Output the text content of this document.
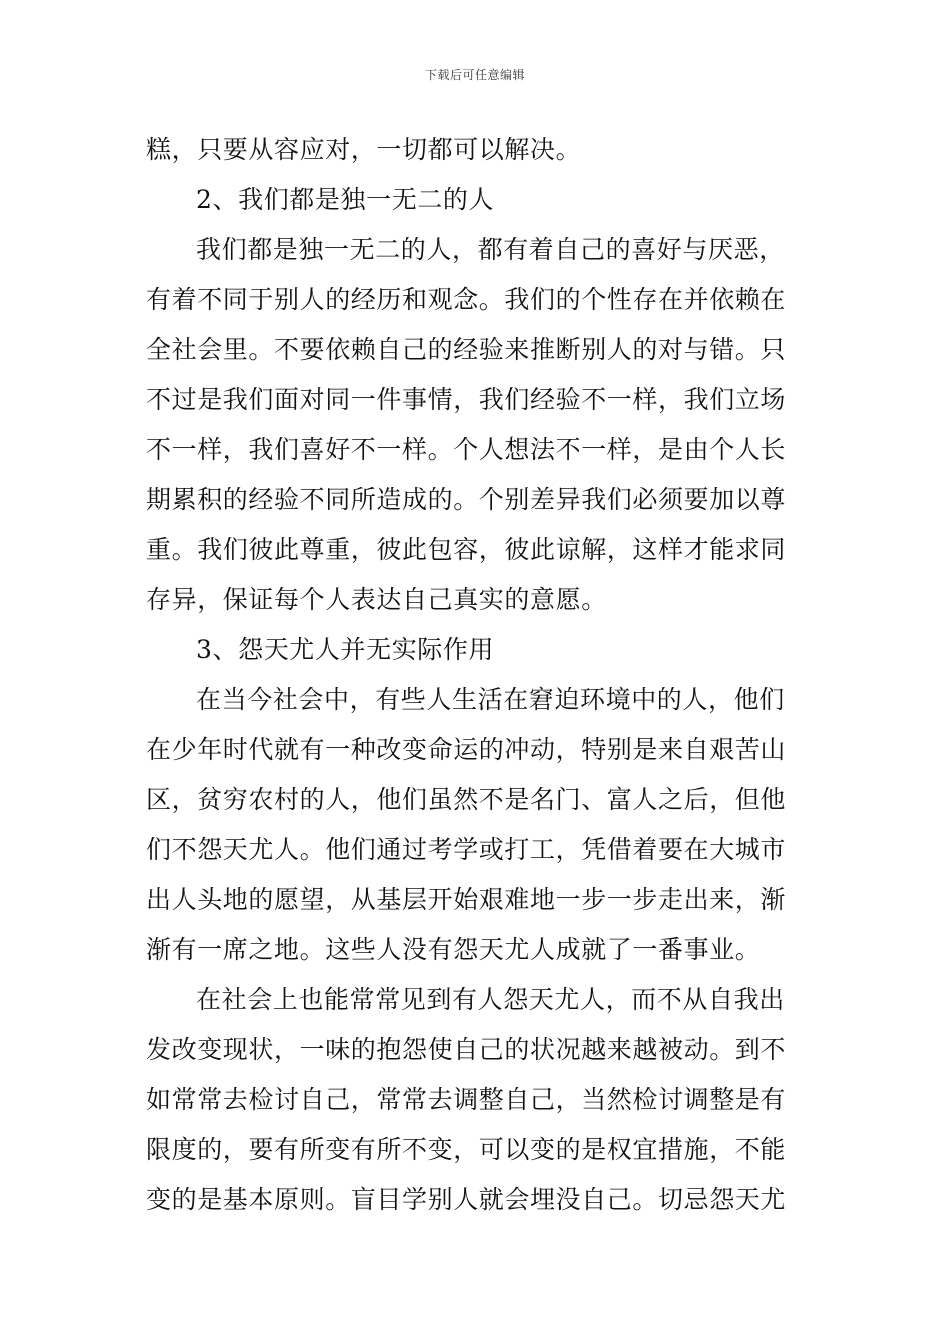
下载后可任意编辑
糕，只要从容应对，一切都可以解决。
2、我们都是独一无二的人
我们都是独一无二的人，都有着自己的喜好与厌恶，
有着不同于别人的经历和观念。我们的个性存在并依赖在
全社会里。不要依赖自己的经验来推断别人的对与错。只
不过是我们面对同一件事情，我们经验不一样，我们立场
不一样，我们喜好不一样。个人想法不一样，是由个人长
期累积的经验不同所造成的。个别差异我们必须要加以尊
重。我们彼此尊重，彼此包容，彼此谅解，这样才能求同
存异，保证每个人表达自己真实的意愿。
3、怨天尤人并无实际作用
在当今社会中，有些人生活在窘迫环境中的人，他们
在少年时代就有一种改变命运的冲动，特别是来自艰苦山
区，贫穷农村的人，他们虽然不是名门、富人之后，但他
们不怨天尤人。他们通过考学或打工，凭借着要在大城市
出人头地的愿望，从基层开始艰难地一步一步走出来，渐
渐有一席之地。这些人没有怨天尤人成就了一番事业。
在社会上也能常常见到有人怨天尤人，而不从自我出
发改变现状，一味的抱怨使自己的状况越来越被动。到不
如常常去检讨自己，常常去调整自己，当然检讨调整是有
限度的，要有所变有所不变，可以变的是权宜措施，不能
变的是基本原则。盲目学别人就会埋没自己。切忌怨天尤
